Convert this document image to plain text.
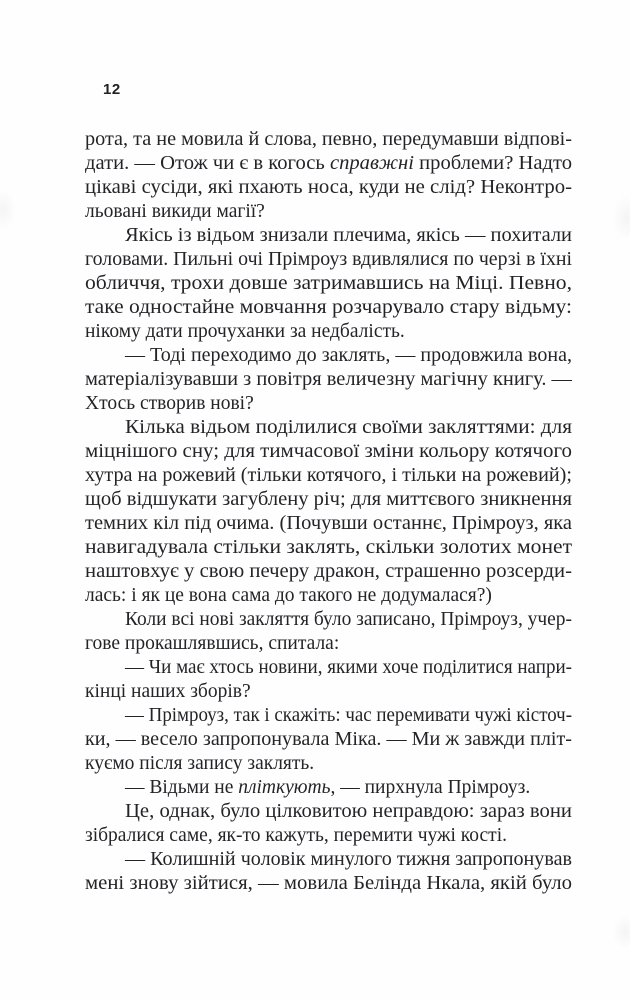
12
рота, та не мовила й слова, певно, передумавши відпові-
дати. — Отож чи є в когось справжні проблеми? Надто
цікаві сусіди, які пхають носа, куди не слід? Неконтро-
льовані викиди магії?
Якісь із відьом знизали плечима, якісь — похитали
головами. Пильні очі Прімроуз вдивлялися по черзі в їхні
обличчя, трохи довше затримавшись на Міці. Певно,
таке одностайне мовчання розчарувало стару відьму:
нікому дати прочуханки за недбалість.
— Тоді переходимо до заклять, — продовжила вона,
матеріалізувавши з повітря величезну магічну книгу. —
Хтось створив нові?
Кілька відьом поділилися своїми закляттями: для
міцнішого сну; для тимчасової зміни кольору котячого
хутра на рожевий (тільки котячого, і тільки на рожевий);
щоб відшукати загублену річ; для миттєвого зникнення
темних кіл під очима. (Почувши останнє, Прімроуз, яка
навигадувала стільки заклять, скільки золотих монет
наштовхує у свою печеру дракон, страшенно розсерди-
лась: і як це вона сама до такого не додумалася?)
Коли всі нові закляття було записано, Прімроуз, учер-
гове прокашлявшись, спитала:
— Чи має хтось новини, якими хоче поділитися напри-
кінці наших зборів?
— Прімроуз, так і скажіть: час перемивати чужі кісточ-
ки, — весело запропонувала Міка. — Ми ж завжди пліт-
куємо після запису заклять.
— Відьми не пліткують, — пирхнула Прімроуз.
Це, однак, було цілковитою неправдою: зараз вони
зібралися саме, як-то кажуть, перемити чужі кості.
— Колишній чоловік минулого тижня запропонував
мені знову зійтися, — мовила Белінда Нкала, якій було
